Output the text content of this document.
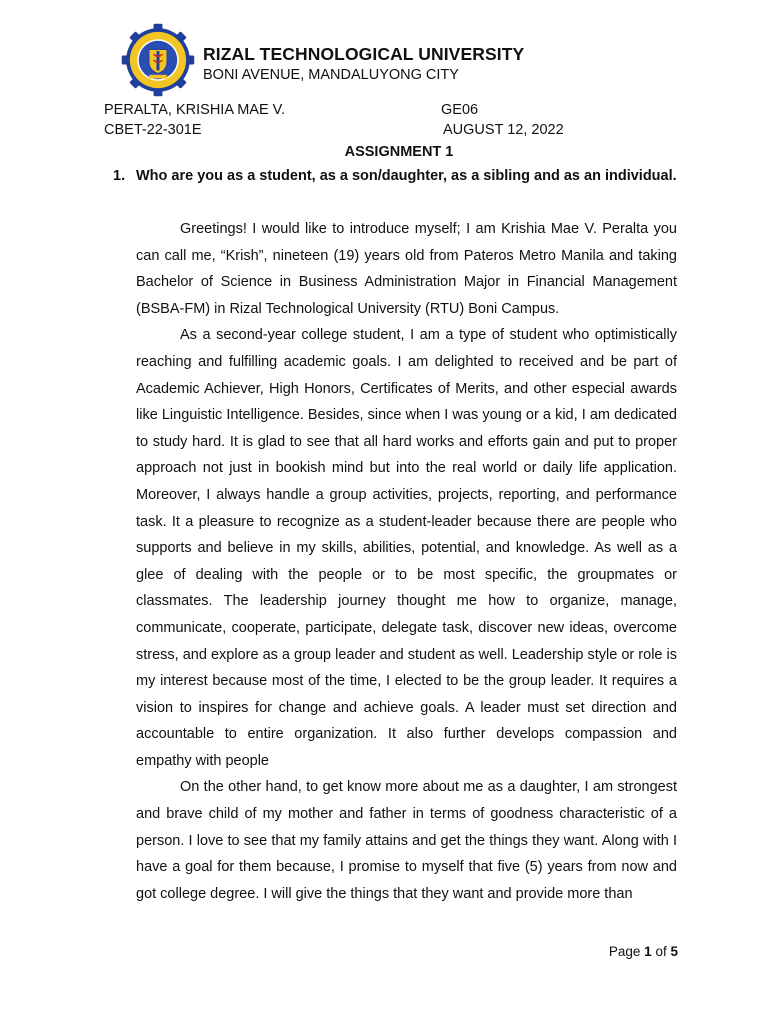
RIZAL TECHNOLOGICAL UNIVERSITY
BONI AVENUE, MANDALUYONG CITY
PERALTA, KRISHIA MAE V.
CBET-22-301E
GE06
AUGUST 12, 2022
ASSIGNMENT 1
1. Who are you as a student, as a son/daughter, as a sibling and as an individual.

Greetings! I would like to introduce myself; I am Krishia Mae V. Peralta you can call me, “Krish”, nineteen (19) years old from Pateros Metro Manila and taking Bachelor of Science in Business Administration Major in Financial Management (BSBA-FM) in Rizal Technological University (RTU) Boni Campus.

As a second-year college student, I am a type of student who optimistically reaching and fulfilling academic goals. I am delighted to received and be part of Academic Achiever, High Honors, Certificates of Merits, and other especial awards like Linguistic Intelligence. Besides, since when I was young or a kid, I am dedicated to study hard. It is glad to see that all hard works and efforts gain and put to proper approach not just in bookish mind but into the real world or daily life application. Moreover, I always handle a group activities, projects, reporting, and performance task. It a pleasure to recognize as a student-leader because there are people who supports and believe in my skills, abilities, potential, and knowledge. As well as a glee of dealing with the people or to be most specific, the groupmates or classmates. The leadership journey thought me how to organize, manage, communicate, cooperate, participate, delegate task, discover new ideas, overcome stress, and explore as a group leader and student as well. Leadership style or role is my interest because most of the time, I elected to be the group leader. It requires a vision to inspires for change and achieve goals. A leader must set direction and accountable to entire organization. It also further develops compassion and empathy with people

On the other hand, to get know more about me as a daughter, I am strongest and brave child of my mother and father in terms of goodness characteristic of a person. I love to see that my family attains and get the things they want. Along with I have a goal for them because, I promise to myself that five (5) years from now and got college degree. I will give the things that they want and provide more than

Page 1 of 5
